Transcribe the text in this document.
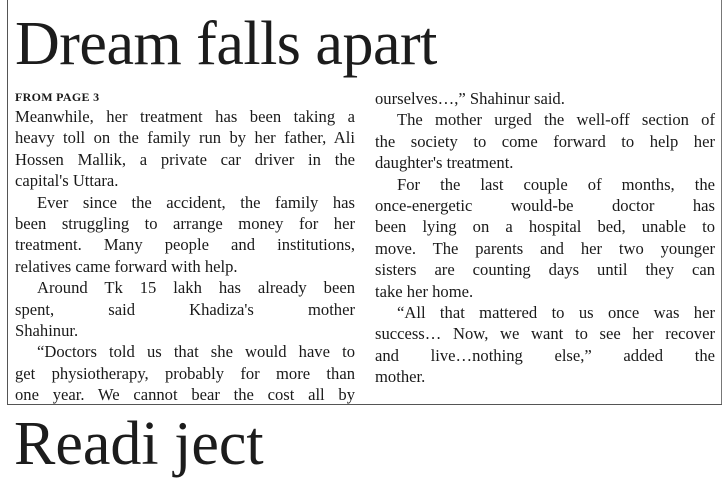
Dream falls apart
FROM PAGE 3
Meanwhile, her treatment has been taking a
heavy toll on the family run by her father, Ali
Hossen Mallik, a private car driver in the
capital's Uttara.
Ever since the accident, the family has
been struggling to arrange money for her
treatment. Many people and institutions,
relatives came forward with help.
Around Tk 15 lakh has already been
spent, said Khadiza's mother
Shahinur.
“Doctors told us that she would have to
get physiotherapy, probably for more than
one year. We cannot bear the cost all by
ourselves…,” Shahinur said.
The mother urged the well-off section of
the society to come forward to help her
daughter's treatment.
For the last couple of months, the
once-energetic would-be doctor has
been lying on a hospital bed, unable to
move. The parents and her two younger
sisters are counting days until they can
take her home.
“All that mattered to us once was her
success… Now, we want to see her recover
and live…nothing else,” added the
mother.
Readi ject
